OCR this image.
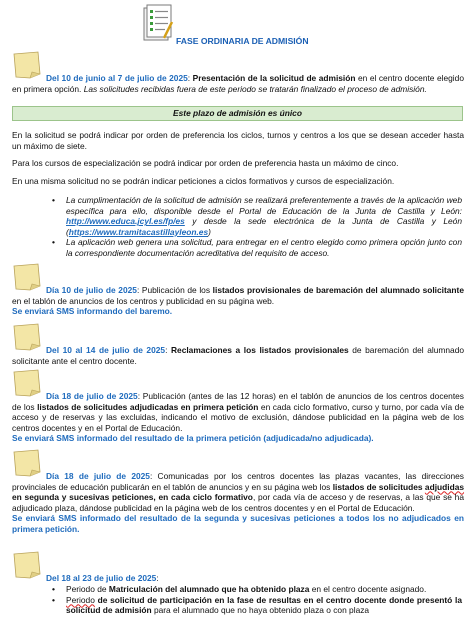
FASE ORDINARIA DE ADMISIÓN

Del 10 de junio al 7 de julio de 2025: Presentación de la solicitud de admisión en el centro docente elegido en primera opción. Las solicitudes recibidas fuera de este periodo se tratarán finalizado el proceso de admisión.

Este plazo de admisión es único

En la solicitud se podrá indicar por orden de preferencia los ciclos, turnos y centros a los que se desean acceder hasta un máximo de siete.

Para los cursos de especialización se podrá indicar por orden de preferencia hasta un máximo de cinco.

En una misma solicitud no se podrán indicar peticiones a ciclos formativos y cursos de especialización.

• La cumplimentación de la solicitud de admisión se realizará preferentemente a través de la aplicación web específica para ello, disponible desde el Portal de Educación de la Junta de Castilla y León: http://www.educa.jcyl.es/fp/es y desde la sede electrónica de la Junta de Castilla y León (https://www.tramitacastillayleon.es)
• La aplicación web genera una solicitud, para entregar en el centro elegido como primera opción junto con la correspondiente documentación acreditativa del requisito de acceso.

Día 10 de julio de 2025: Publicación de los listados provisionales de baremación del alumnado solicitante en el tablón de anuncios de los centros y publicidad en su página web.
Se enviará SMS informando del baremo.

Del 10 al 14 de julio de 2025: Reclamaciones a los listados provisionales de baremación del alumnado solicitante ante el centro docente.

Día 18 de julio de 2025: Publicación (antes de las 12 horas) en el tablón de anuncios de los centros docentes de los listados de solicitudes adjudicadas en primera petición en cada ciclo formativo, curso y turno, por cada vía de acceso y de reservas y las excluidas, indicando el motivo de exclusión, dándose publicidad en la página web de los centros docentes y en el Portal de Educación.
Se enviará SMS informado del resultado de la primera petición (adjudicada/no adjudicada).

Día 18 de julio de 2025: Comunicadas por los centros docentes las plazas vacantes, las direcciones provinciales de educación publicarán en el tablón de anuncios y en su página web los listados de solicitudes adjudidas en segunda y sucesivas peticiones, en cada ciclo formativo, por cada vía de acceso y de reservas, a las que se ha adjudicado plaza, dándose publicidad en la página web de los centros docentes y en el Portal de Educación.
Se enviará SMS informado del resultado de la segunda y sucesivas peticiones a todos los no adjudicados en primera petición.

Del 18 al 23 de julio de 2025:

• Periodo de Matriculación del alumnado que ha obtenido plaza en el centro docente asignado.
• Periodo de solicitud de participación en la fase de resultas en el centro docente donde presentó la solicitud de admisión para el alumnado que no haya obtenido plaza o con plaza
